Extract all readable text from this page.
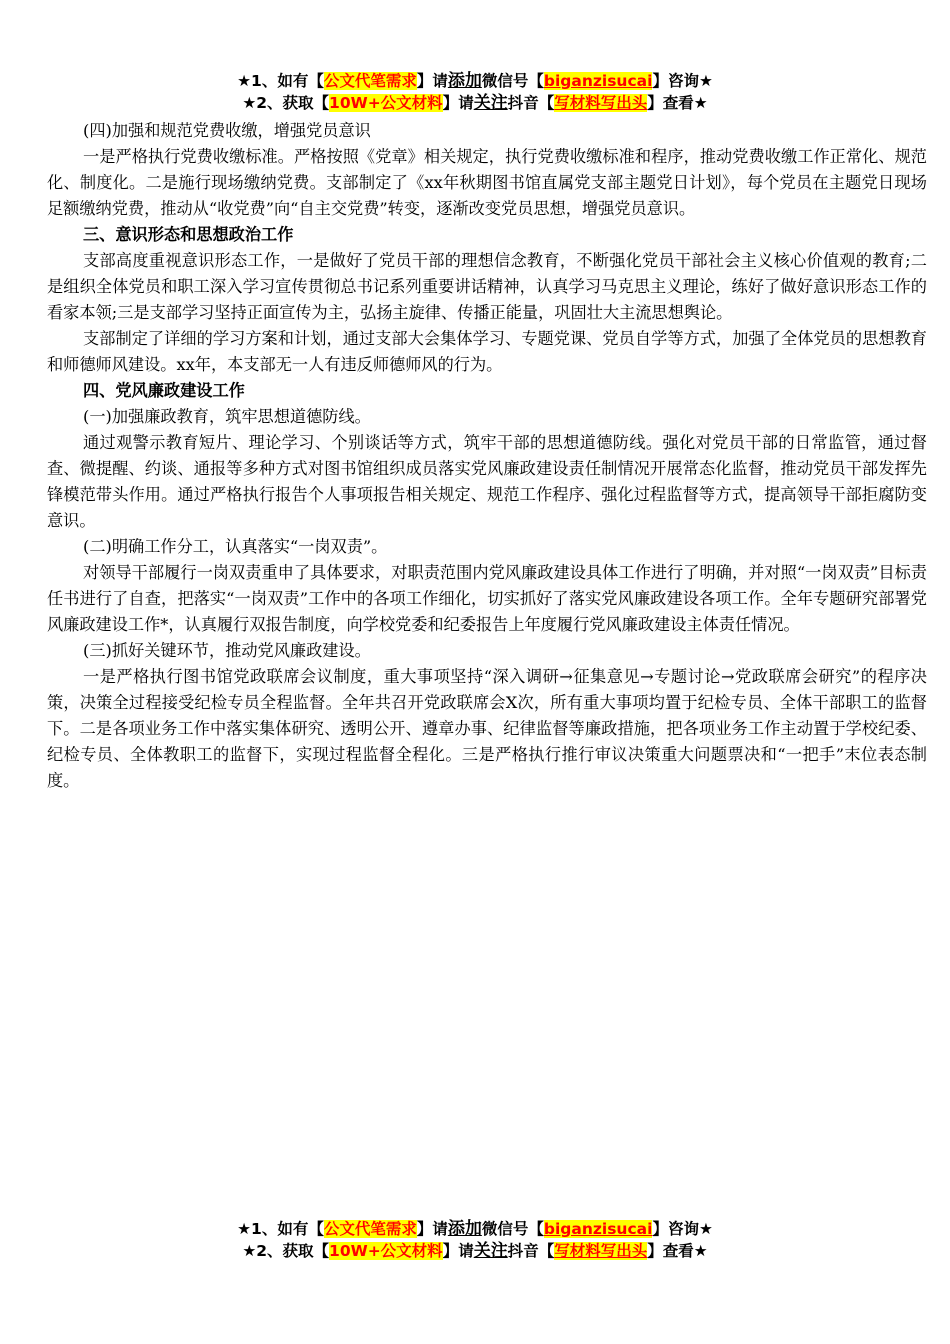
★1、如有【公文代笔需求】请添加微信号【biganzisucai】咨询★
★2、获取【10W+公文材料】请关注抖音【写材料写出头】查看★

(四)加强和规范党费收缴，增强党员意识

一是严格执行党费收缴标准。严格按照《党章》相关规定，执行党费收缴标准和程序，推动党费收缴工作正常化、规范化、制度化。二是施行现场缴纳党费。支部制定了《xx年秋期图书馆直属党支部主题党日计划》，每个党员在主题党日现场足额缴纳党费，推动从“收党费”向“自主交党费”转变，逐渐改变党员思想，增强党员意识。

三、意识形态和思想政治工作

支部高度重视意识形态工作，一是做好了党员干部的理想信念教育，不断强化党员干部社会主义核心价值观的教育;二是组织全体党员和职工深入学习宣传贯彻总书记系列重要讲话精神，认真学习马克思主义理论，练好了做好意识形态工作的看家本领;三是支部学习坚持正面宣传为主，弘扬主旋律、传播正能量，巩固壮大主流思想舆论。

支部制定了详细的学习方案和计划，通过支部大会集体学习、专题党课、党员自学等方式，加强了全体党员的思想教育和师德师风建设。xx年，本支部无一人有违反师德师风的行为。

四、党风廉政建设工作

(一)加强廉政教育，筑牢思想道德防线。

通过观警示教育短片、理论学习、个别谈话等方式，筑牢干部的思想道德防线。强化对党员干部的日常监管，通过督查、微提醒、约谈、通报等多种方式对图书馆组织成员落实党风廉政建设责任制情况开展常态化监督，推动党员干部发挥先锋模范带头作用。通过严格执行报告个人事项报告相关规定、规范工作程序、强化过程监督等方式，提高领导干部拒腐防变意识。

(二)明确工作分工，认真落实“一岗双责”。

对领导干部履行一岗双责重申了具体要求，对职责范围内党风廉政建设具体工作进行了明确，并对照“一岗双责”目标责任书进行了自查，把落实“一岗双责”工作中的各项工作细化，切实抓好了落实党风廉政建设各项工作。全年专题研究部署党风廉政建设工作*，认真履行双报告制度，向学校党委和纪委报告上年度履行党风廉政建设主体责任情况。

(三)抓好关键环节，推动党风廉政建设。

一是严格执行图书馆党政联席会议制度，重大事项坚持“深入调研→征集意见→专题讨论→党政联席会研究”的程序决策，决策全过程接受纪检专员全程监督。全年共召开党政联席会X次，所有重大事项均置于纪检专员、全体干部职工的监督下。二是各项业务工作中落实集体研究、透明公开、遵章办事、纪律监督等廉政措施，把各项业务工作主动置于学校纪委、纪检专员、全体教职工的监督下，实现过程监督全程化。三是严格执行推行审议决策重大问题票决和“一把手”末位表态制度。

★1、如有【公文代笔需求】请添加微信号【biganzisucai】咨询★
★2、获取【10W+公文材料】请关注抖音【写材料写出头】查看★
